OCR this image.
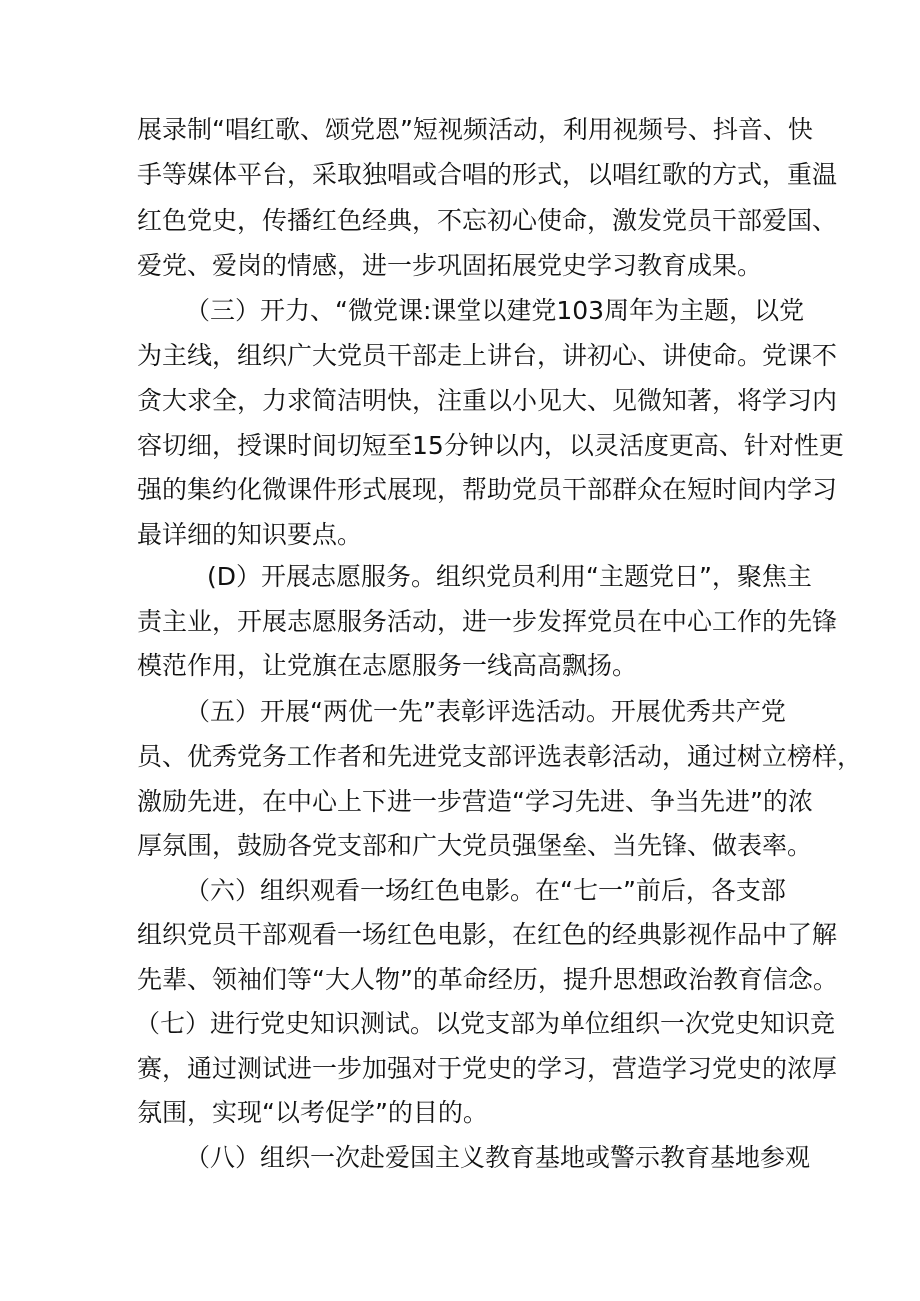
展录制“唱红歌、颂党恩”短视频活动，利用视频号、抖音、快
手等媒体平台，采取独唱或合唱的形式，以唱红歌的方式，重温
红色党史，传播红色经典，不忘初心使命，激发党员干部爱国、
爱党、爱岗的情感，进一步巩固拓展党史学习教育成果。
（三）开力、“微党课:课堂以建党103周年为主题，以党
为主线，组织广大党员干部走上讲台，讲初心、讲使命。党课不
贪大求全，力求简洁明快，注重以小见大、见微知著，将学习内
容切细，授课时间切短至15分钟以内，以灵活度更高、针对性更
强的集约化微课件形式展现，帮助党员干部群众在短时间内学习
最详细的知识要点。
(D）开展志愿服务。组织党员利用“主题党日”，聚焦主
责主业，开展志愿服务活动，进一步发挥党员在中心工作的先锋
模范作用，让党旗在志愿服务一线高高飘扬。
（五）开展“两优一先”表彰评选活动。开展优秀共产党
员、优秀党务工作者和先进党支部评选表彰活动，通过树立榜样，
激励先进，在中心上下进一步营造“学习先进、争当先进”的浓
厚氛围，鼓励各党支部和广大党员强堡垒、当先锋、做表率。
（六）组织观看一场红色电影。在“七一”前后，各支部
组织党员干部观看一场红色电影，在红色的经典影视作品中了解
先辈、领袖们等“大人物”的革命经历，提升思想政治教育信念。
（七）进行党史知识测试。以党支部为单位组织一次党史知识竞
赛，通过测试进一步加强对于党史的学习，营造学习党史的浓厚
氛围，实现“以考促学”的目的。
（八）组织一次赴爱国主义教育基地或警示教育基地参观
